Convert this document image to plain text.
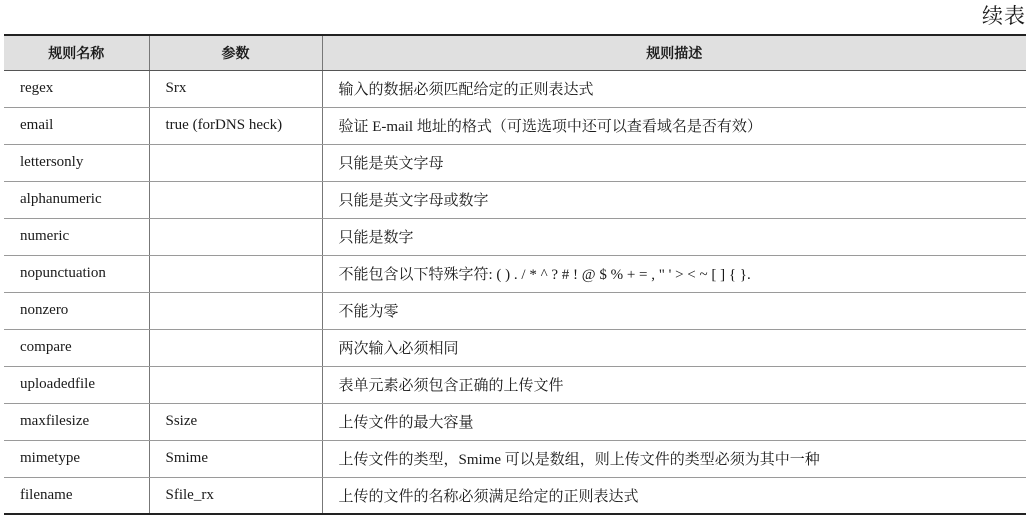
续表
规则名称	参数	规则描述
regex	Srx	输入的数据必须匹配给定的正则表达式
email	true (forDNS heck)	验证 E-mail 地址的格式（可选选项中还可以查看域名是否有效）
lettersonly		只能是英文字母
alphanumeric		只能是英文字母或数字
numeric		只能是数字
nopunctuation		不能包含以下特殊字符: ( ) . / * ^ ? # ! @ $ % + = , " ' > < ~ [ ] { }.
nonzero		不能为零
compare		两次输入必须相同
uploadedfile		表单元素必须包含正确的上传文件
maxfilesize	Ssize	上传文件的最大容量
mimetype	Smime	上传文件的类型，Smime 可以是数组，则上传文件的类型必须为其中一种
filename	Sfile_rx	上传的文件的名称必须满足给定的正则表达式
